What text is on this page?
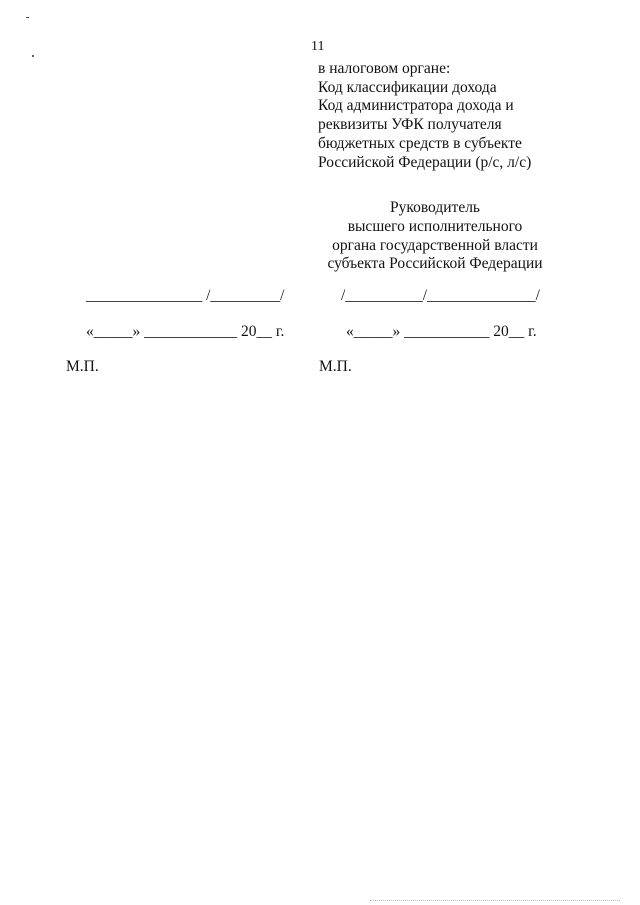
11
в налоговом органе:
Код классификации дохода
Код администратора дохода и
реквизиты УФК получателя
бюджетных средств в субъекте
Российской Федерации (р/с, л/с)
Руководитель
высшего исполнительного
органа государственной власти
субъекта Российской Федерации
_______________ /_________/	/__________/______________/
«_____» ____________ 20__ г.	«_____» ___________ 20__ г.
М.П.	М.П.
